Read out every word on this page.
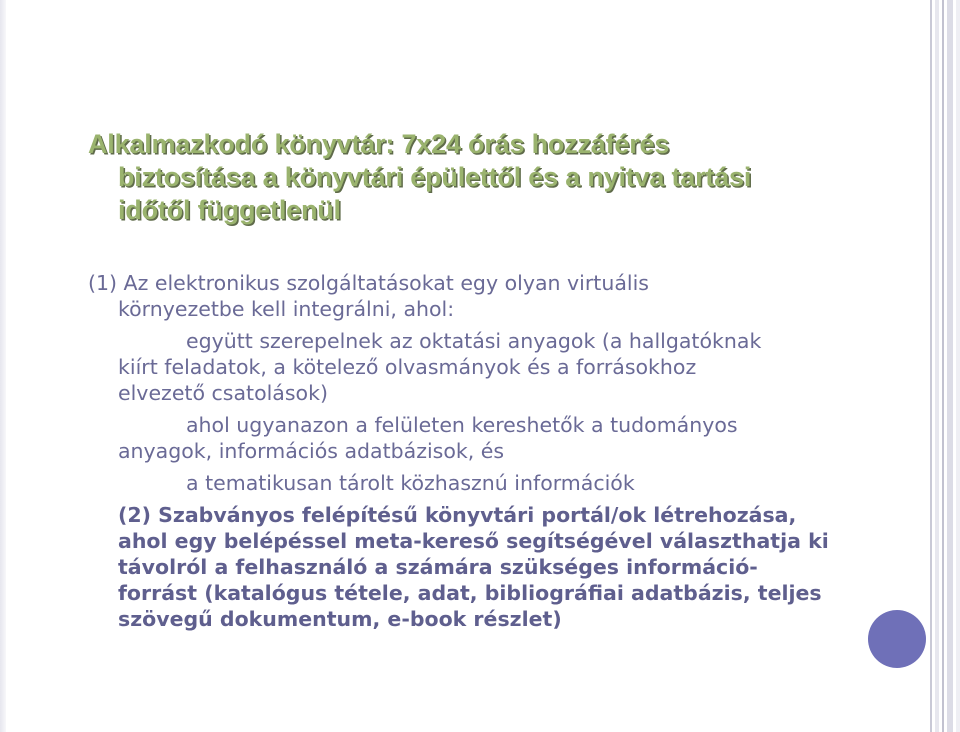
Alkalmazkodó könyvtár: 7x24 órás hozzáférés
biztosítása a könyvtári épülettől és a nyitva tartási
időtől függetlenül
(1) Az elektronikus szolgáltatásokat egy olyan virtuális
környezetbe kell integrálni, ahol:
együtt szerepelnek az oktatási anyagok (a hallgatóknak
kiírt feladatok, a kötelező olvasmányok és a forrásokhoz
elvezető csatolások)
ahol ugyanazon a felületen kereshetők a tudományos
anyagok, információs adatbázisok, és
a tematikusan tárolt közhasznú információk
(2) Szabványos felépítésű könyvtári portál/ok létrehozása,
ahol egy belépéssel meta-kereső segítségével választhatja ki
távolról a felhasználó a számára szükséges információ-
forrást (katalógus tétele, adat, bibliográfiai adatbázis, teljes
szövegű dokumentum, e-book részlet)
